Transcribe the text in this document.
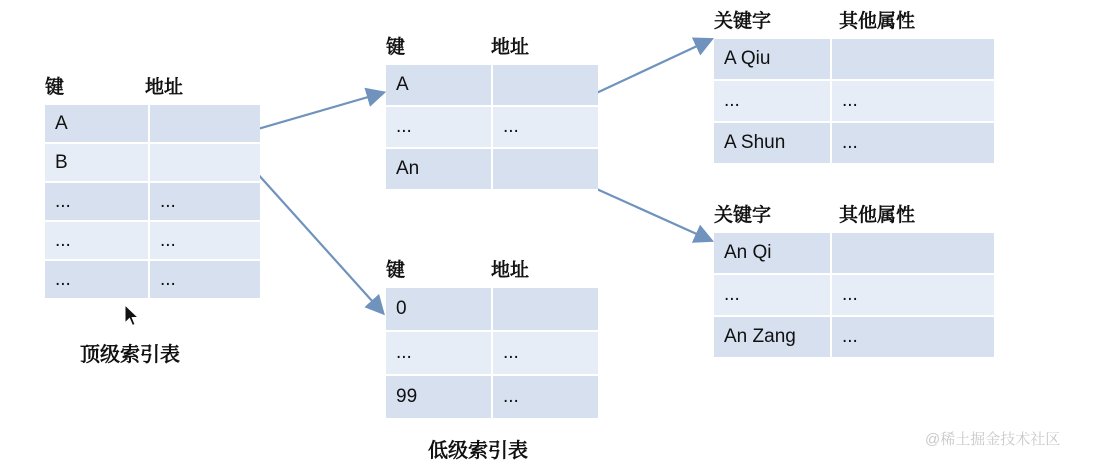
键	地址
A
B
...	...
...	...
...	...
顶级索引表
键	地址
A
...	...
An
键	地址
0
...	...
99	...
低级索引表
关键字	其他属性
A Qiu
...	...
A Shun	...
关键字	其他属性
An Qi
...	...
An Zang	...
@稀土掘金技术社区
